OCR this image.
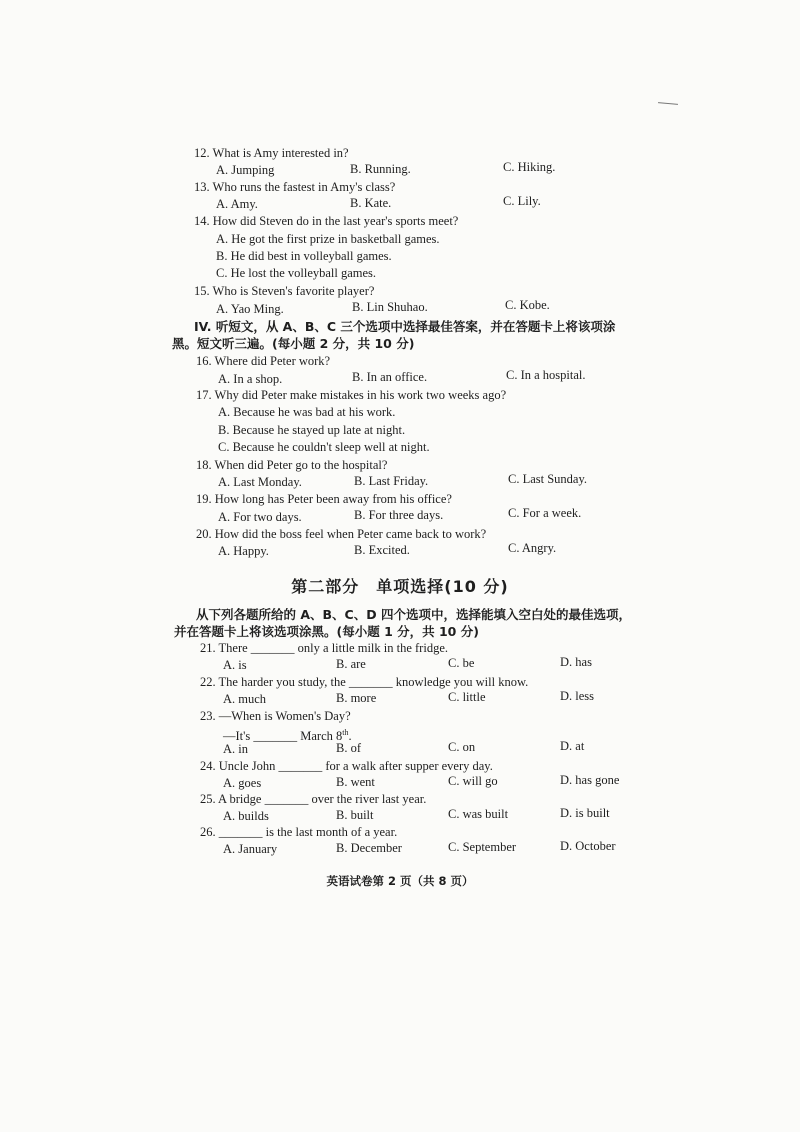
12. What is Amy interested in?
A. Jumping	B. Running.	C. Hiking.
13. Who runs the fastest in Amy's class?
A. Amy.	B. Kate.	C. Lily.
14. How did Steven do in the last year's sports meet?
A. He got the first prize in basketball games.
B. He did best in volleyball games.
C. He lost the volleyball games.
15. Who is Steven's favorite player?
A. Yao Ming.	B. Lin Shuhao.	C. Kobe.
IV. 听短文，从 A、B、C 三个选项中选择最佳答案，并在答题卡上将该项涂
黑。短文听三遍。(每小题 2 分，共 10 分)
16. Where did Peter work?
A. In a shop.	B. In an office.	C. In a hospital.
17. Why did Peter make mistakes in his work two weeks ago?
A. Because he was bad at his work.
B. Because he stayed up late at night.
C. Because he couldn't sleep well at night.
18. When did Peter go to the hospital?
A. Last Monday.	B. Last Friday.	C. Last Sunday.
19. How long has Peter been away from his office?
A. For two days.	B. For three days.	C. For a week.
20. How did the boss feel when Peter came back to work?
A. Happy.	B. Excited.	C. Angry.
第二部分　单项选择(10 分)
从下列各题所给的 A、B、C、D 四个选项中，选择能填入空白处的最佳选项，
并在答题卡上将该选项涂黑。(每小题 1 分，共 10 分)
21. There _______ only a little milk in the fridge.
A. is	B. are	C. be	D. has
22. The harder you study, the _______ knowledge you will know.
A. much	B. more	C. little	D. less
23. —When is Women's Day?
—It's _______ March 8th.
A. in	B. of	C. on	D. at
24. Uncle John _______ for a walk after supper every day.
A. goes	B. went	C. will go	D. has gone
25. A bridge _______ over the river last year.
A. builds	B. built	C. was built	D. is built
26. _______ is the last month of a year.
A. January	B. December	C. September	D. October
英语试卷第 2 页（共 8 页）
